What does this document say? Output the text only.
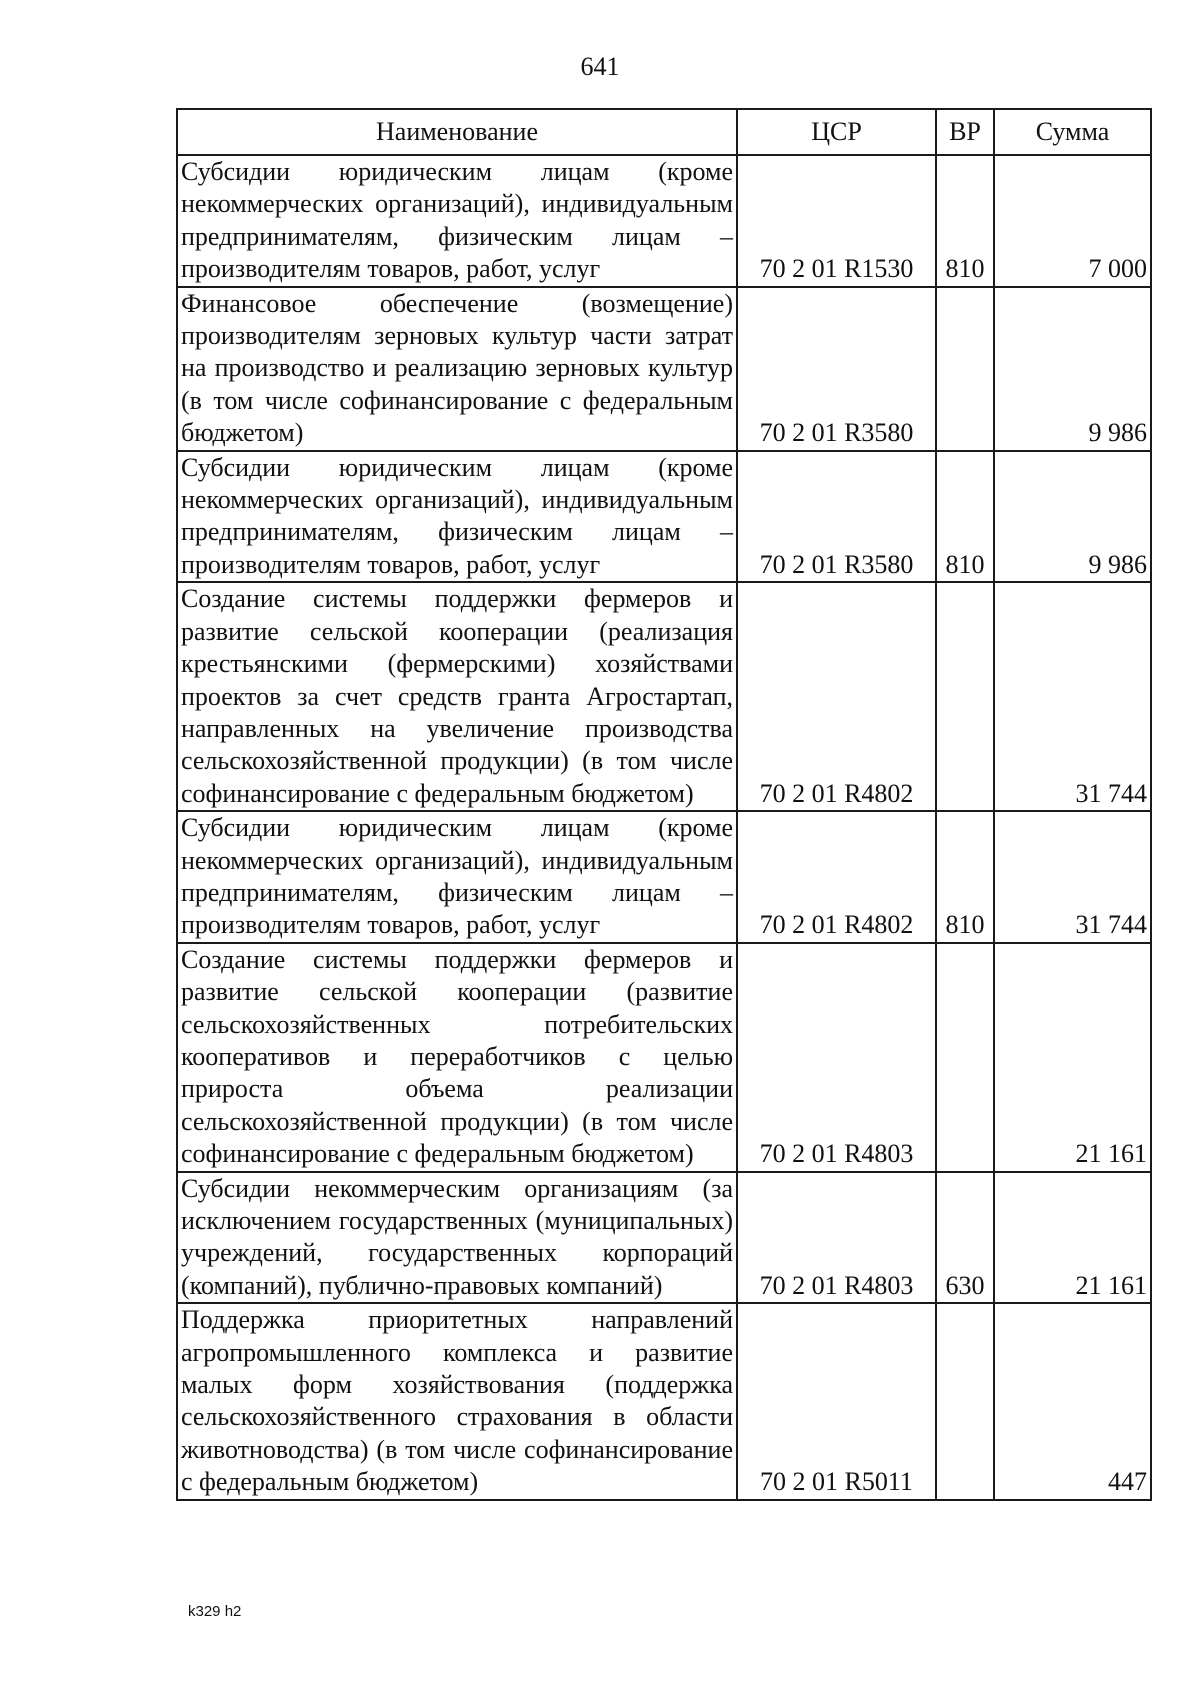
641
Наименование	ЦСР	ВР	Сумма
Субсидии юридическим лицам (кроме некоммерческих организаций), индивидуальным предпринимателям, физическим лицам – производителям товаров, работ, услуг	70 2 01 R1530	810	7 000
Финансовое обеспечение (возмещение) производителям зерновых культур части затрат на производство и реализацию зерновых культур (в том числе софинансирование с федеральным бюджетом)	70 2 01 R3580		9 986
Субсидии юридическим лицам (кроме некоммерческих организаций), индивидуальным предпринимателям, физическим лицам – производителям товаров, работ, услуг	70 2 01 R3580	810	9 986
Создание системы поддержки фермеров и развитие сельской кооперации (реализация крестьянскими (фермерскими) хозяйствами проектов за счет средств гранта Агростартап, направленных на увеличение производства сельскохозяйственной продукции) (в том числе софинансирование с федеральным бюджетом)	70 2 01 R4802		31 744
Субсидии юридическим лицам (кроме некоммерческих организаций), индивидуальным предпринимателям, физическим лицам – производителям товаров, работ, услуг	70 2 01 R4802	810	31 744
Создание системы поддержки фермеров и развитие сельской кооперации (развитие сельскохозяйственных потребительских кооперативов и переработчиков с целью прироста объема реализации сельскохозяйственной продукции) (в том числе софинансирование с федеральным бюджетом)	70 2 01 R4803		21 161
Субсидии некоммерческим организациям (за исключением государственных (муниципальных) учреждений, государственных корпораций (компаний), публично-правовых компаний)	70 2 01 R4803	630	21 161
Поддержка приоритетных направлений агропромышленного комплекса и развитие малых форм хозяйствования (поддержка сельскохозяйственного страхования в области животноводства) (в том числе софинансирование с федеральным бюджетом)	70 2 01 R5011		447
k329 h2
